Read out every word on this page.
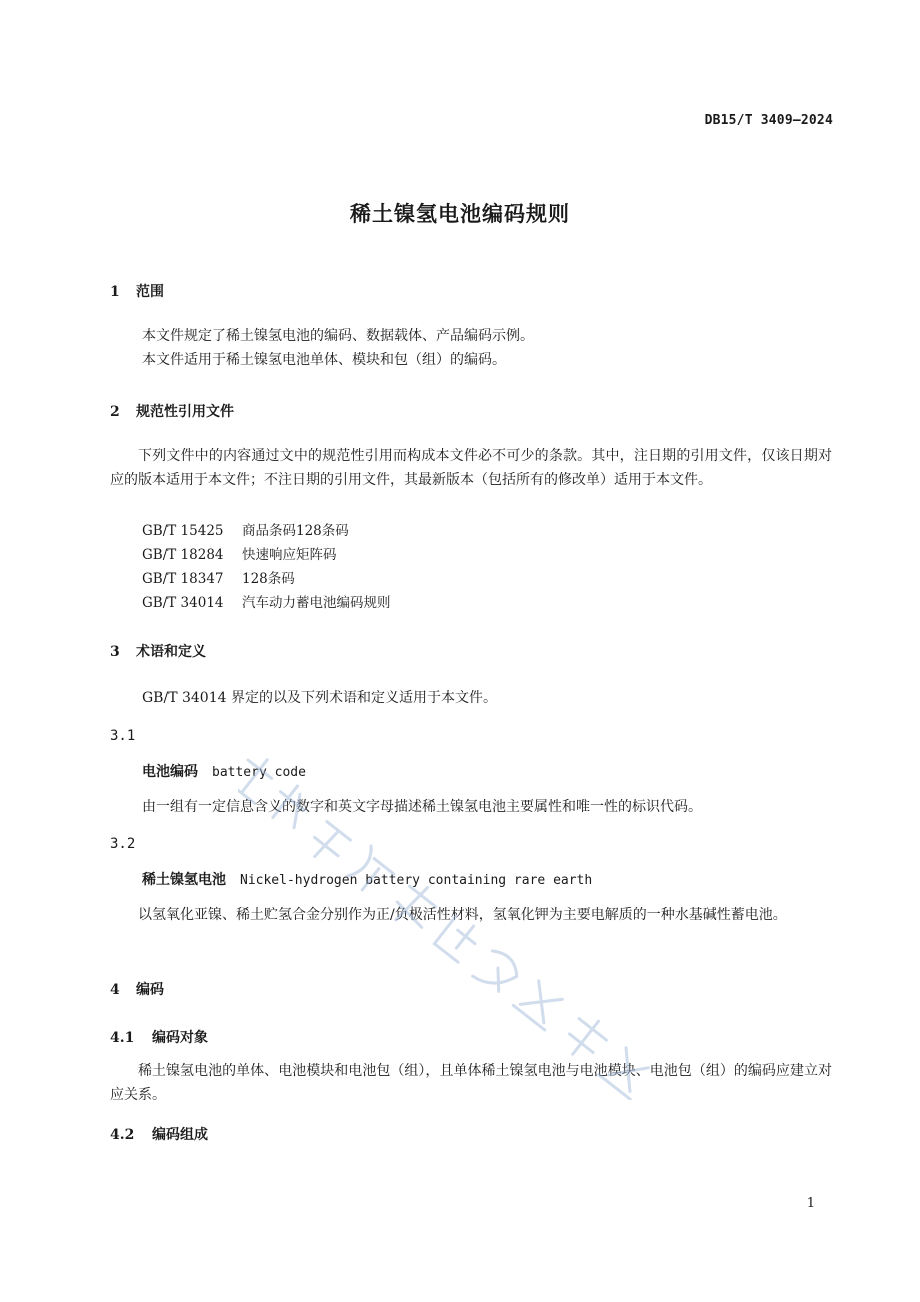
DB15/T 3409—2024
稀土镍氢电池编码规则
1 范围
本文件规定了稀土镍氢电池的编码、数据载体、产品编码示例。
本文件适用于稀土镍氢电池单体、模块和包（组）的编码。
2 规范性引用文件
下列文件中的内容通过文中的规范性引用而构成本文件必不可少的条款。其中，注日期的引用文件，仅该日期对应的版本适用于本文件；不注日期的引用文件，其最新版本（包括所有的修改单）适用于本文件。
GB/T 15425 商品条码128条码
GB/T 18284 快速响应矩阵码
GB/T 18347 128条码
GB/T 34014 汽车动力蓄电池编码规则
3 术语和定义
GB/T 34014 界定的以及下列术语和定义适用于本文件。
3.1
电池编码 battery code
由一组有一定信息含义的数字和英文字母描述稀土镍氢电池主要属性和唯一性的标识代码。
3.2
稀土镍氢电池 Nickel-hydrogen battery containing rare earth
以氢氧化亚镍、稀土贮氢合金分别作为正/负极活性材料，氢氧化钾为主要电解质的一种水基碱性蓄电池。
4 编码
4.1 编码对象
稀土镍氢电池的单体、电池模块和电池包（组），且单体稀土镍氢电池与电池模块、电池包（组）的编码应建立对应关系。
4.2 编码组成
1
